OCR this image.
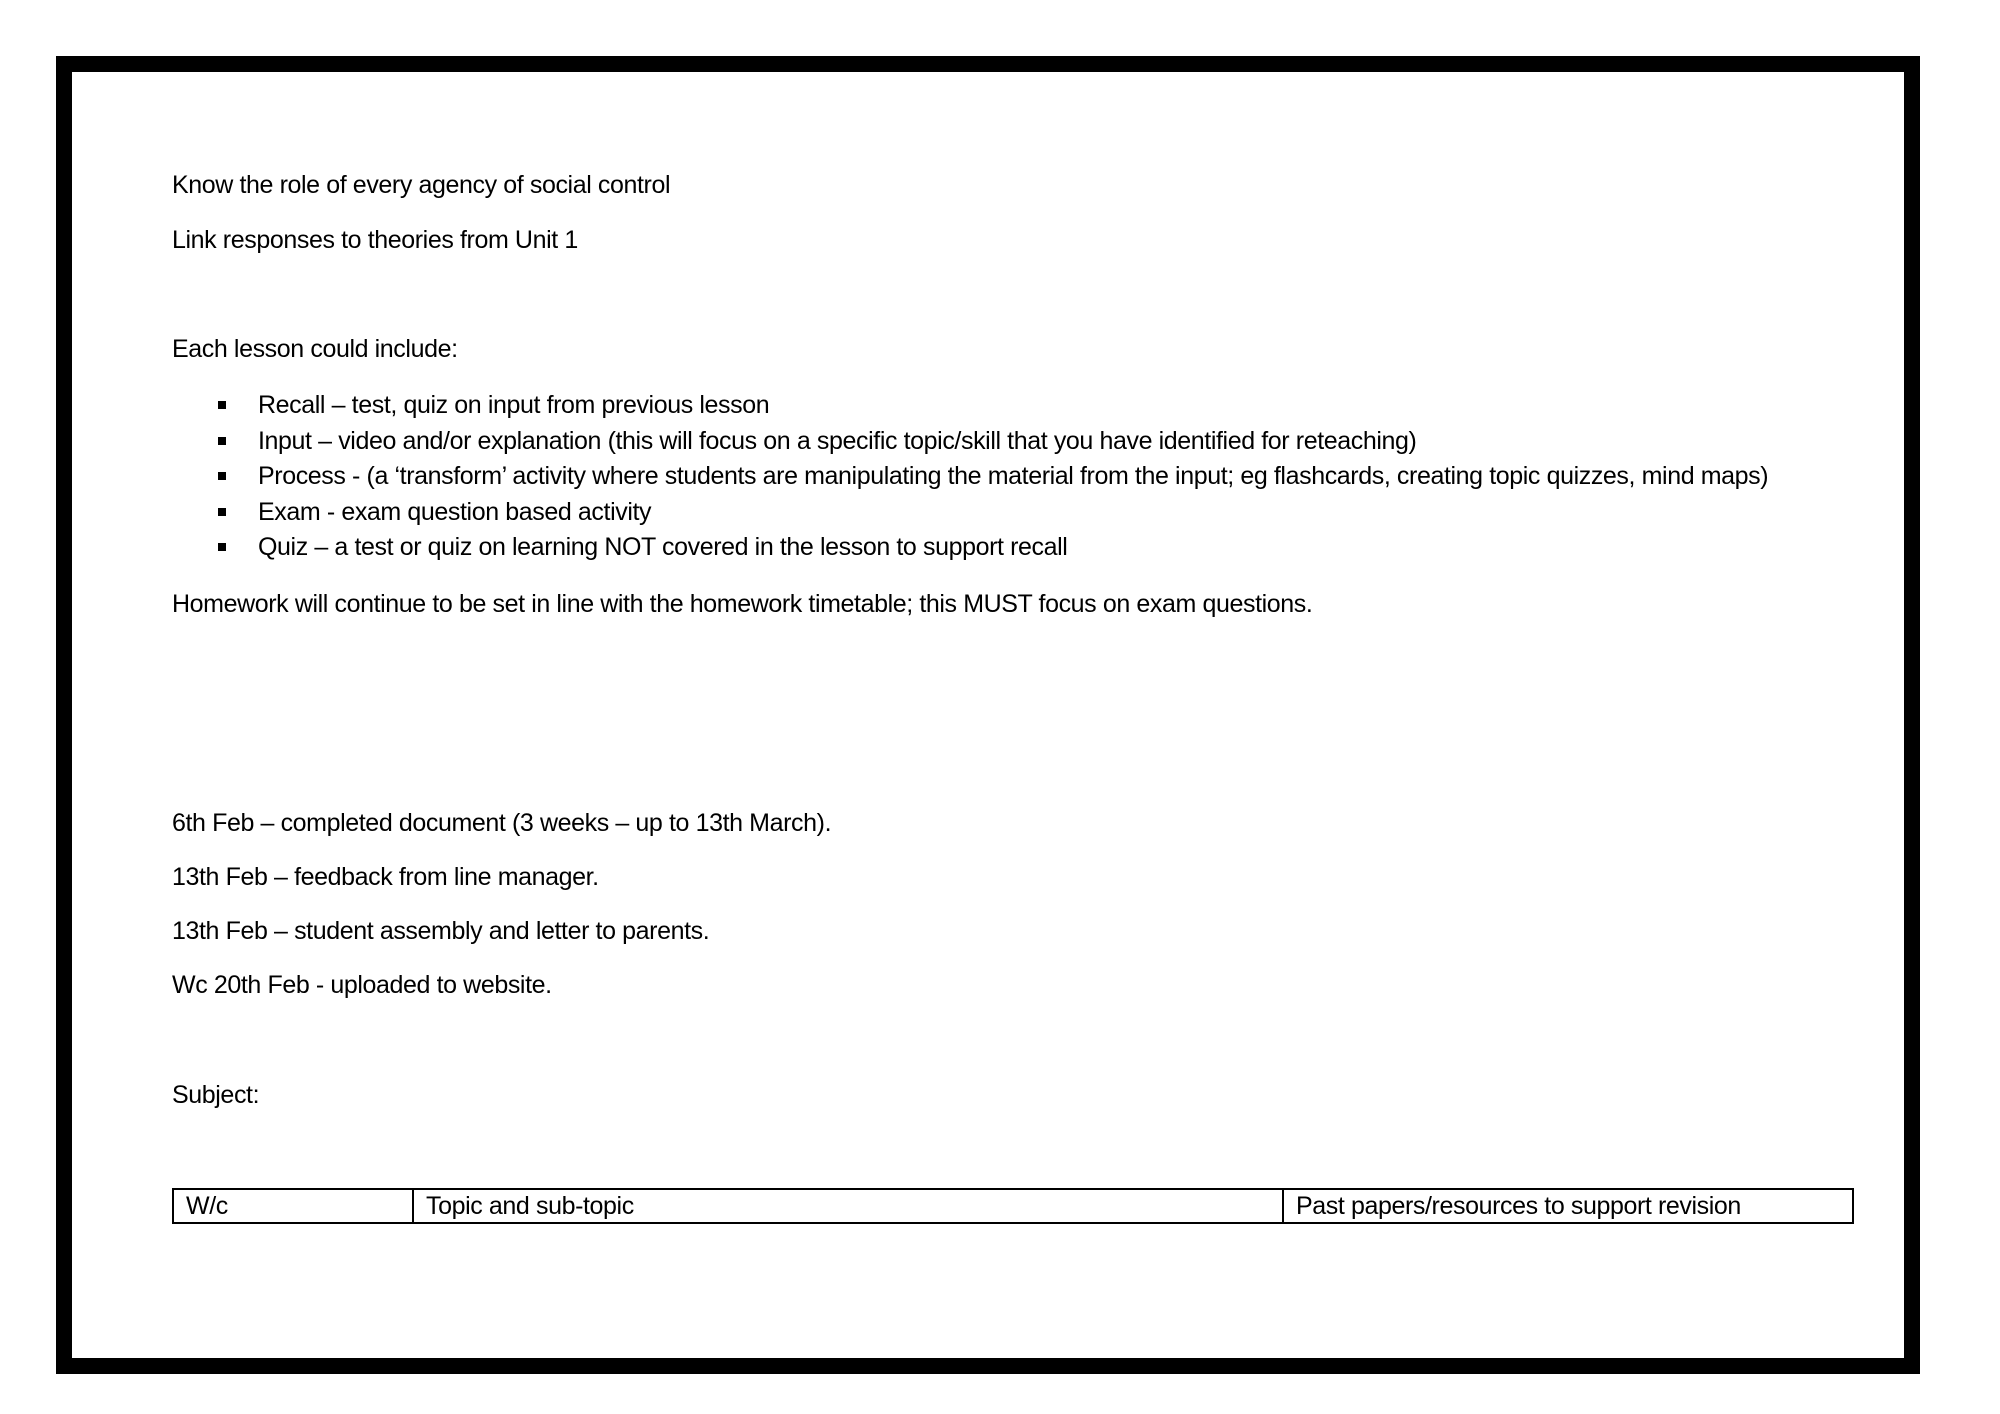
Know the role of every agency of social control
Link responses to theories from Unit 1
Each lesson could include:
Recall – test, quiz on input from previous lesson
Input – video and/or explanation (this will focus on a specific topic/skill that you have identified for reteaching)
Process - (a ‘transform’ activity where students are manipulating the material from the input; eg flashcards, creating topic quizzes, mind maps)
Exam - exam question based activity
Quiz – a test or quiz on learning NOT covered in the lesson to support recall
Homework will continue to be set in line with the homework timetable; this MUST focus on exam questions.
6th Feb – completed document (3 weeks – up to 13th March).
13th Feb – feedback from line manager.
13th Feb – student assembly and letter to parents.
Wc 20th Feb - uploaded to website.
Subject:
W/c	Topic and sub-topic	Past papers/resources to support revision
